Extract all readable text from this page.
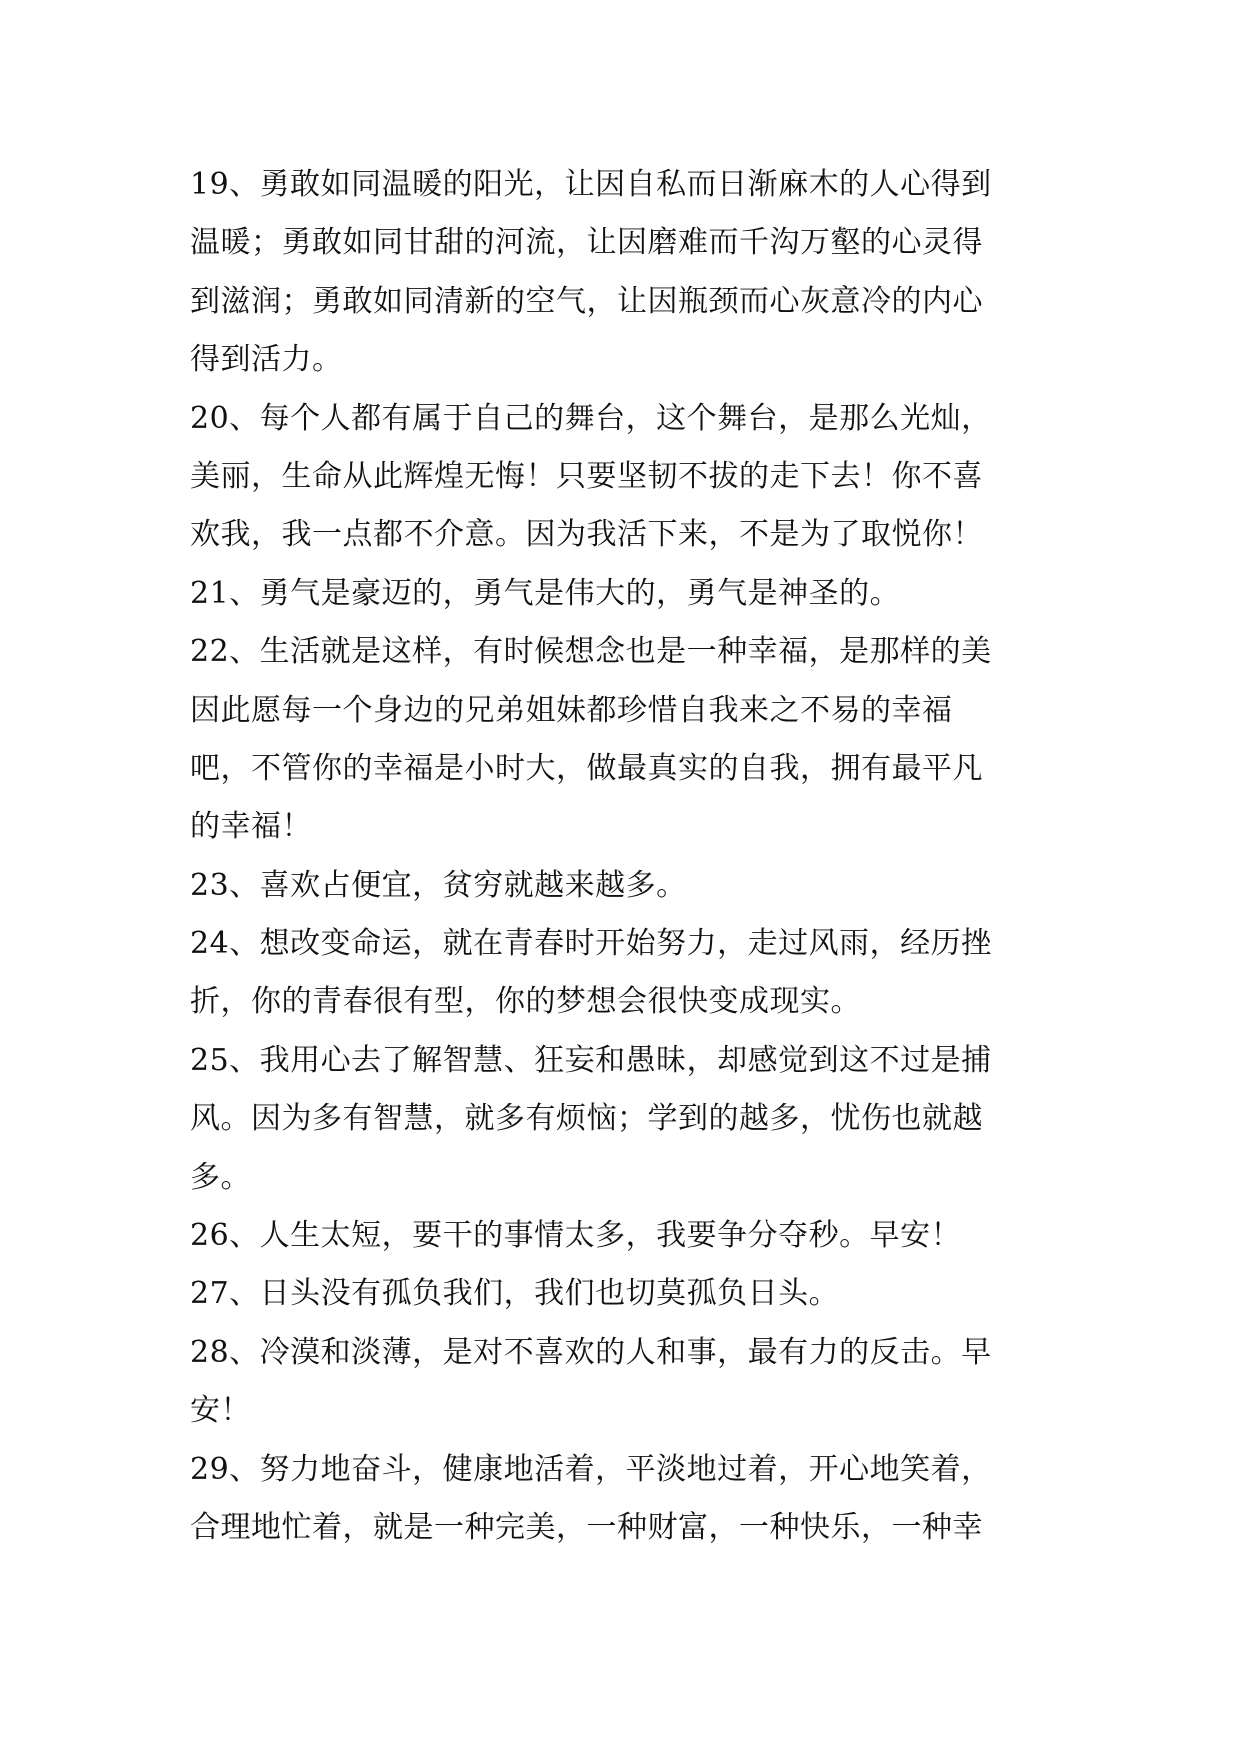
19、勇敢如同温暖的阳光，让因自私而日渐麻木的人心得到
温暖；勇敢如同甘甜的河流，让因磨难而千沟万壑的心灵得
到滋润；勇敢如同清新的空气，让因瓶颈而心灰意冷的内心
得到活力。
20、每个人都有属于自己的舞台，这个舞台，是那么光灿，
美丽，生命从此辉煌无悔！只要坚韧不拔的走下去！你不喜
欢我，我一点都不介意。因为我活下来，不是为了取悦你！
21、勇气是豪迈的，勇气是伟大的，勇气是神圣的。
22、生活就是这样，有时候想念也是一种幸福，是那样的美
因此愿每一个身边的兄弟姐妹都珍惜自我来之不易的幸福
吧，不管你的幸福是小时大，做最真实的自我，拥有最平凡
的幸福！
23、喜欢占便宜，贫穷就越来越多。
24、想改变命运，就在青春时开始努力，走过风雨，经历挫
折，你的青春很有型，你的梦想会很快变成现实。
25、我用心去了解智慧、狂妄和愚昧，却感觉到这不过是捕
风。因为多有智慧，就多有烦恼；学到的越多，忧伤也就越
多。
26、人生太短，要干的事情太多，我要争分夺秒。早安！
27、日头没有孤负我们，我们也切莫孤负日头。
28、冷漠和淡薄，是对不喜欢的人和事，最有力的反击。早
安！
29、努力地奋斗，健康地活着，平淡地过着，开心地笑着，
合理地忙着，就是一种完美，一种财富，一种快乐，一种幸
